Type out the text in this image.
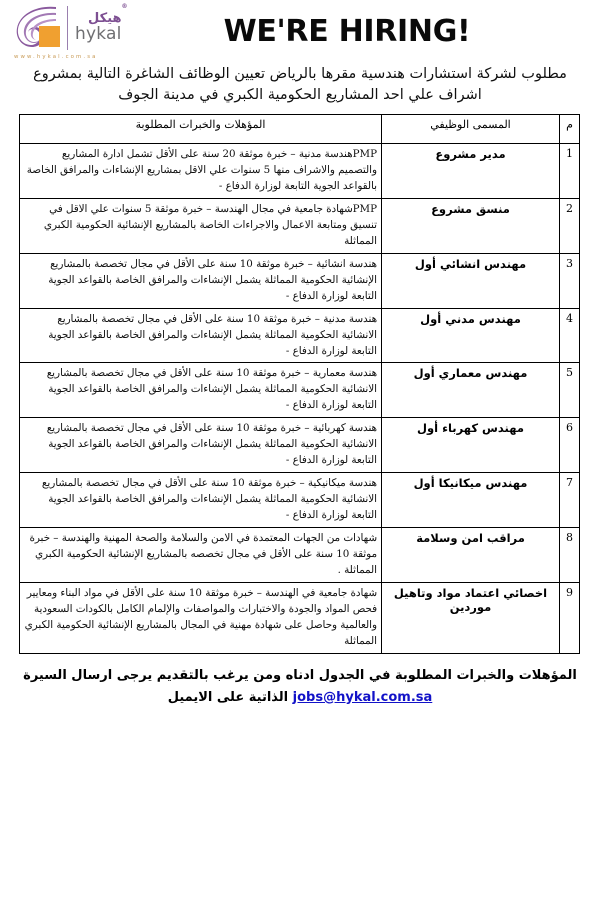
هيكل
®
hykal
www.hykal.com.sa
WE'RE HIRING!
مطلوب لشركة استشارات هندسية مقرها بالرياض تعيين الوظائف الشاغرة التالية بمشروع
اشراف علي احد المشاريع الحكومية الكبري في مدينة الجوف
م	المسمى الوظيفي	المؤهلات والخبرات المطلوبة
1	مدير مشروع	PMPهندسة مدنية – خبرة موثقة 20 سنة على الأقل تشمل ادارة المشاريع والتصميم والاشراف منها 5 سنوات علي الاقل بمشاريع الإنشاءات والمرافق الخاصة بالقواعد الجوية التابعة لوزارة الدفاع -
2	منسق مشروع	PMPشهادة جامعية في مجال الهندسة – خبرة موثقة 5 سنوات علي الاقل في تنسيق ومتابعة الاعمال والاجراءات الخاصة بالمشاريع الإنشائية الحكومية الكبري المماثلة
3	مهندس انشائي أول	هندسة انشائية – خبرة موثقة 10 سنة على الأقل في مجال تخصصة بالمشاريع الإنشائية الحكومية المماثلة يشمل الإنشاءات والمرافق الخاصة بالقواعد الجوية التابعة لوزارة الدفاع -
4	مهندس مدني أول	هندسة مدنية – خبرة موثقة 10 سنة على الأقل في مجال تخصصة بالمشاريع الانشائية الحكومية المماثلة يشمل الإنشاءات والمرافق الخاصة بالقواعد الجوية التابعة لوزارة الدفاع -
5	مهندس معماري أول	هندسة معمارية – خبرة موثقة 10 سنة على الأقل في مجال تخصصة بالمشاريع الانشائية الحكومية المماثلة يشمل الإنشاءات والمرافق الخاصة بالقواعد الجوية التابعة لوزارة الدفاع -
6	مهندس كهرباء أول	هندسة كهربائية – خبرة موثقة 10 سنة على الأقل في مجال تخصصة بالمشاريع الانشائية الحكومية المماثلة يشمل الإنشاءات والمرافق الخاصة بالقواعد الجوية التابعة لوزارة الدفاع -
7	مهندس ميكانيكا أول	هندسة ميكانيكية – خبرة موثقة 10 سنة على الأقل في مجال تخصصة بالمشاريع الانشائية الحكومية المماثلة يشمل الإنشاءات والمرافق الخاصة بالقواعد الجوية التابعة لوزارة الدفاع -
8	مراقب امن وسلامة	شهادات من الجهات المعتمدة في الامن والسلامة والصحة المهنية والهندسة – خبرة موثقة 10 سنة على الأقل في مجال تخصصه بالمشاريع الإنشائية الحكومية الكبري المماثلة .
9	اخصائي اعتماد مواد وتاهيل موردين	شهادة جامعية في الهندسة – خبرة موثقة 10 سنة على الأقل في مواد البناء ومعايير فحص المواد والجودة والاختبارات والمواصفات والإلمام الكامل بالكودات السعودية والعالمية وحاصل على شهادة مهنية في المجال بالمشاريع الإنشائية الحكومية الكبري المماثلة
المؤهلات والخبرات المطلوبة في الجدول ادناه ومن يرغب بالتقديم يرجى ارسال السيرة
jobs@hykal.com.sa الذاتية على الايميل
